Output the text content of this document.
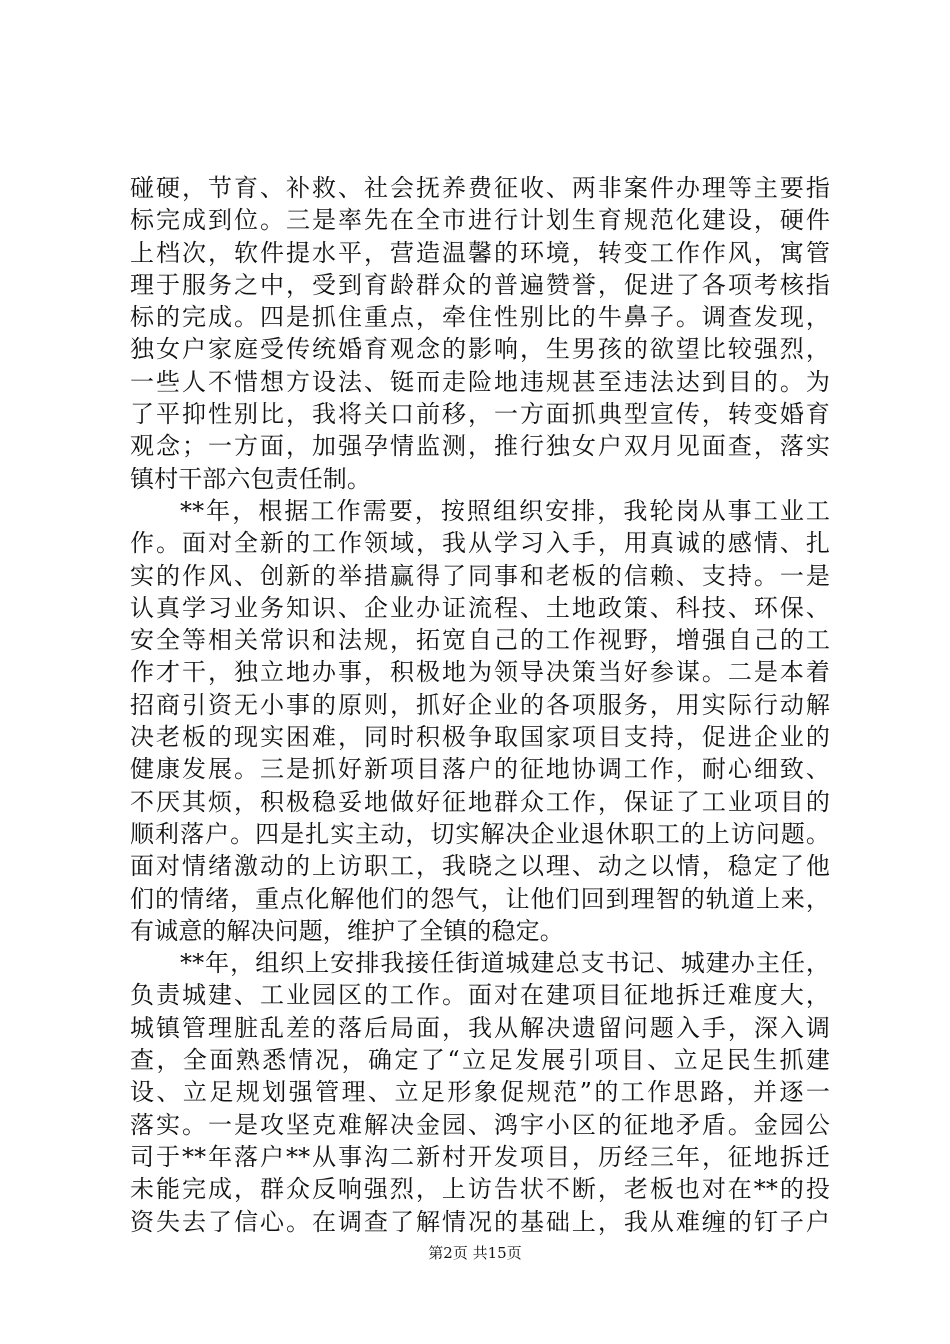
碰硬，节育、补救、社会抚养费征收、两非案件办理等主要指
标完成到位。三是率先在全市进行计划生育规范化建设，硬件
上档次，软件提水平，营造温馨的环境，转变工作作风，寓管
理于服务之中，受到育龄群众的普遍赞誉，促进了各项考核指
标的完成。四是抓住重点，牵住性别比的牛鼻子。调查发现，
独女户家庭受传统婚育观念的影响，生男孩的欲望比较强烈，
一些人不惜想方设法、铤而走险地违规甚至违法达到目的。为
了平抑性别比，我将关口前移，一方面抓典型宣传，转变婚育
观念；一方面，加强孕情监测，推行独女户双月见面查，落实
镇村干部六包责任制。
**年，根据工作需要，按照组织安排，我轮岗从事工业工
作。面对全新的工作领域，我从学习入手，用真诚的感情、扎
实的作风、创新的举措赢得了同事和老板的信赖、支持。一是
认真学习业务知识、企业办证流程、土地政策、科技、环保、
安全等相关常识和法规，拓宽自己的工作视野，增强自己的工
作才干，独立地办事，积极地为领导决策当好参谋。二是本着
招商引资无小事的原则，抓好企业的各项服务，用实际行动解
决老板的现实困难，同时积极争取国家项目支持，促进企业的
健康发展。三是抓好新项目落户的征地协调工作，耐心细致、
不厌其烦，积极稳妥地做好征地群众工作，保证了工业项目的
顺利落户。四是扎实主动，切实解决企业退休职工的上访问题。
面对情绪激动的上访职工，我晓之以理、动之以情，稳定了他
们的情绪，重点化解他们的怨气，让他们回到理智的轨道上来，
有诚意的解决问题，维护了全镇的稳定。
**年，组织上安排我接任街道城建总支书记、城建办主任，
负责城建、工业园区的工作。面对在建项目征地拆迁难度大，
城镇管理脏乱差的落后局面，我从解决遗留问题入手，深入调
查，全面熟悉情况，确定了“立足发展引项目、立足民生抓建
设、立足规划强管理、立足形象促规范”的工作思路，并逐一
落实。一是攻坚克难解决金园、鸿宇小区的征地矛盾。金园公
司于**年落户**从事沟二新村开发项目，历经三年，征地拆迁
未能完成，群众反响强烈，上访告状不断，老板也对在**的投
资失去了信心。在调查了解情况的基础上，我从难缠的钉子户
第2页 共15页
